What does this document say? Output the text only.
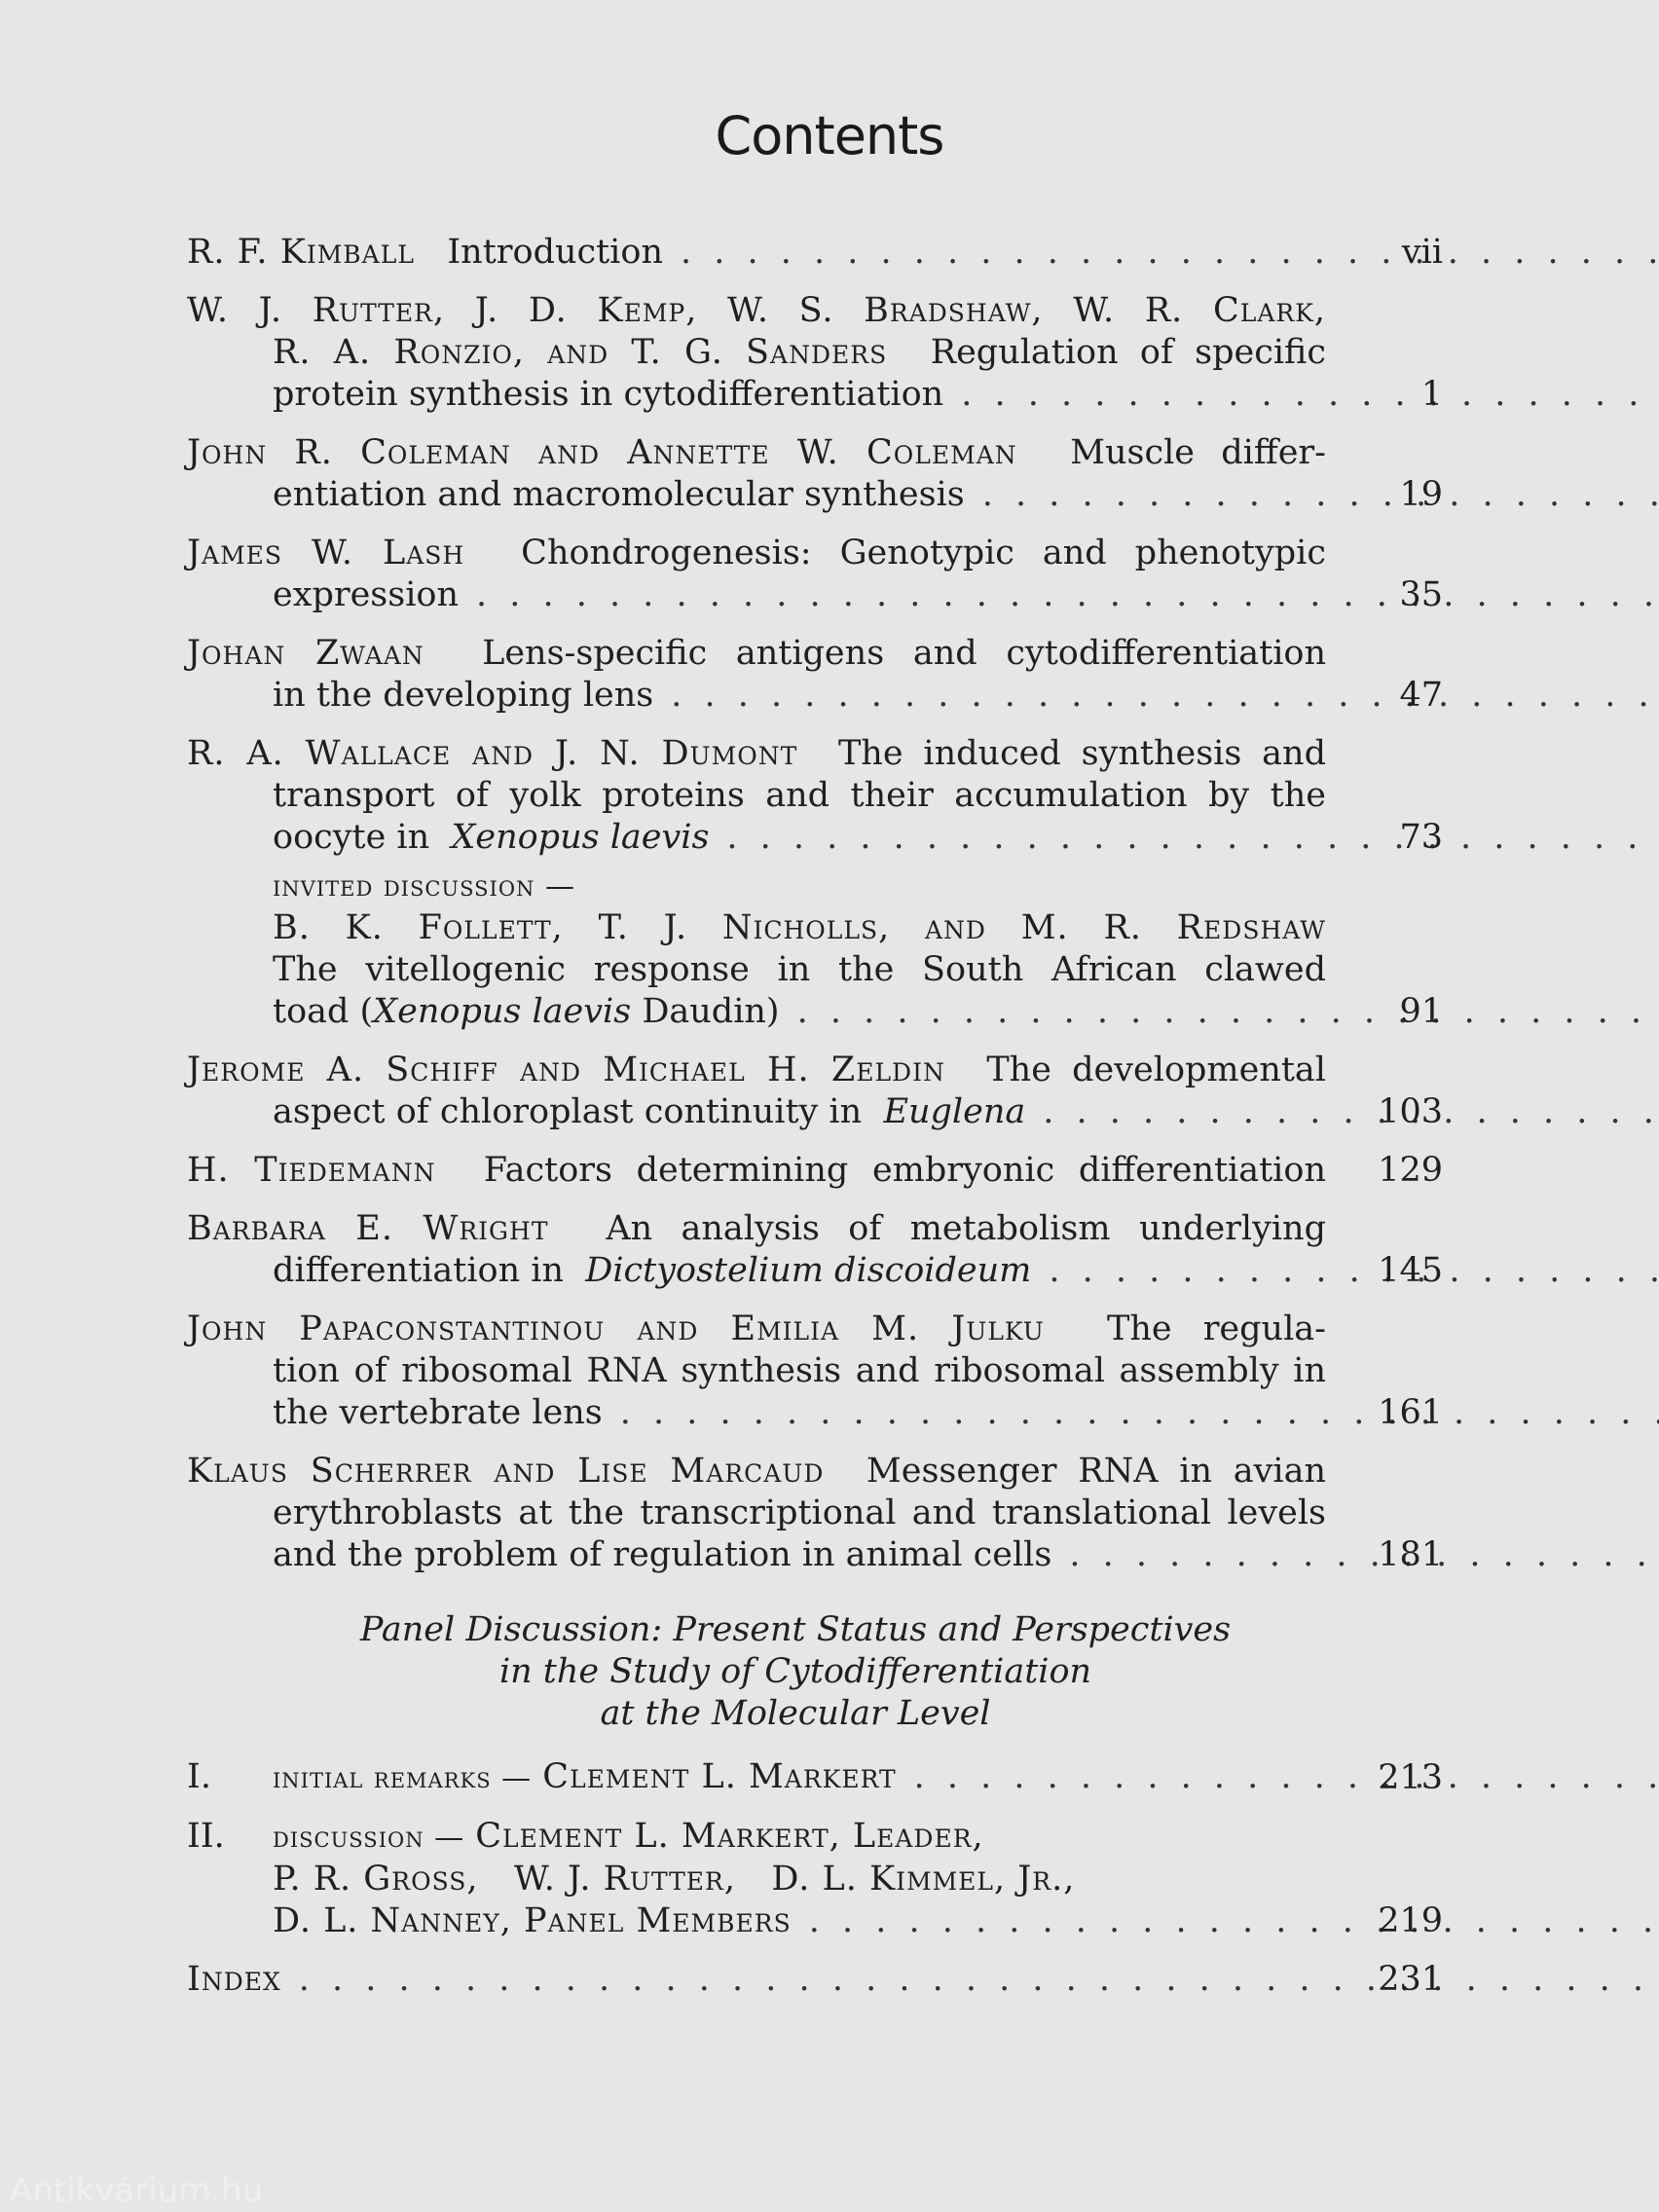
Contents
R. F. Kimball Introduction . . .	vii
W. J. Rutter, J. D. Kemp, W. S. Bradshaw, W. R. Clark,
R. A. Ronzio, and T. G. Sanders Regulation of specific
protein synthesis in cytodifferentiation . . .	1
John R. Coleman and Annette W. Coleman Muscle differ-
entiation and macromolecular synthesis . . .	19
James W. Lash Chondrogenesis: Genotypic and phenotypic
expression . . .	35
Johan Zwaan Lens-specific antigens and cytodifferentiation
in the developing lens . . .	47
R. A. Wallace and J. N. Dumont The induced synthesis and
transport of yolk proteins and their accumulation by the
oocyte in  Xenopus laevis . . .	73
invited discussion —
B. K. Follett, T. J. Nicholls, and M. R. Redshaw
The vitellogenic response in the South African clawed
toad (Xenopus laevis Daudin) . . .	91
Jerome A. Schiff and Michael H. Zeldin The developmental
aspect of chloroplast continuity in  Euglena . . .	103
H. Tiedemann Factors determining embryonic differentiation	129
Barbara E. Wright An analysis of metabolism underlying
differentiation in  Dictyostelium discoideum . . .	145
John Papaconstantinou and Emilia M. Julku The regula-
tion of ribosomal RNA synthesis and ribosomal assembly in
the vertebrate lens . . .	161
Klaus Scherrer and Lise Marcaud Messenger RNA in avian
erythroblasts at the transcriptional and translational levels
and the problem of regulation in animal cells . . .	181
Panel Discussion: Present Status and Perspectives
in the Study of Cytodifferentiation
at the Molecular Level
I.	initial remarks — Clement L. Markert . . .	213
II.	discussion — Clement L. Markert, Leader,
P. R. Gross,   W. J. Rutter,   D. L. Kimmel, Jr.,
D. L. Nanney, Panel Members . . .	219
Index . . .	231
Antikvárium.hu
